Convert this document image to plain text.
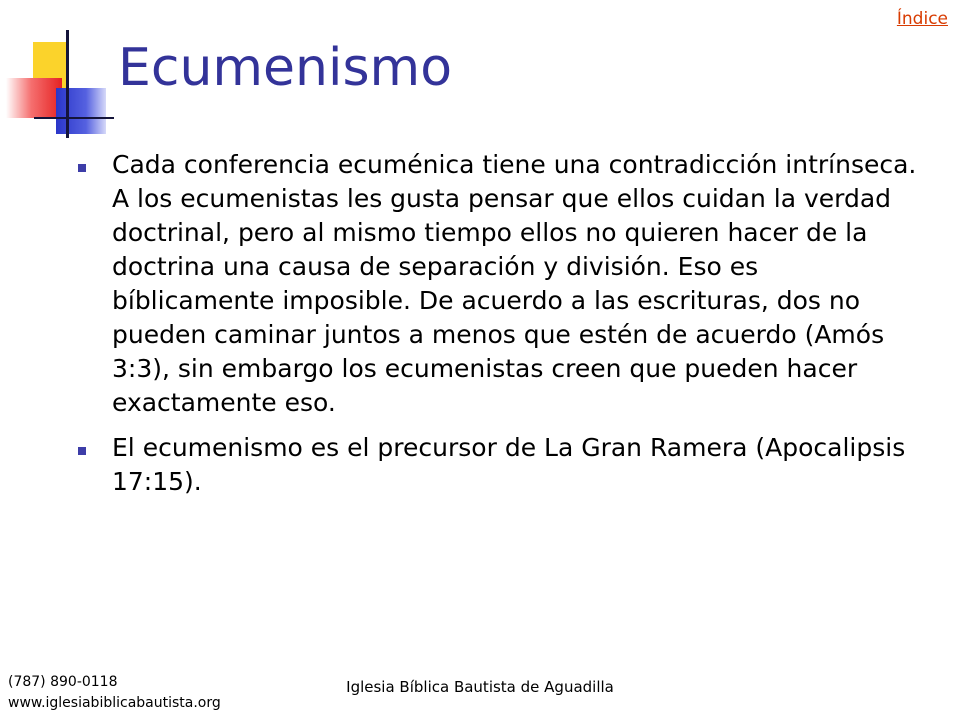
Ecumenismo
Índice

Cada conferencia ecuménica tiene una contradicción intrínseca. A los ecumenistas les gusta pensar que ellos cuidan la verdad doctrinal, pero al mismo tiempo ellos no quieren hacer de la doctrina una causa de separación y división. Eso es bíblicamente imposible. De acuerdo a las escrituras, dos no pueden caminar juntos a menos que estén de acuerdo (Amós 3:3), sin embargo los ecumenistas creen que pueden hacer exactamente eso.

El ecumenismo es el precursor de La Gran Ramera (Apocalipsis 17:15).

(787) 890-0118
www.iglesiabiblicabautista.org
Iglesia Bíblica Bautista de Aguadilla
